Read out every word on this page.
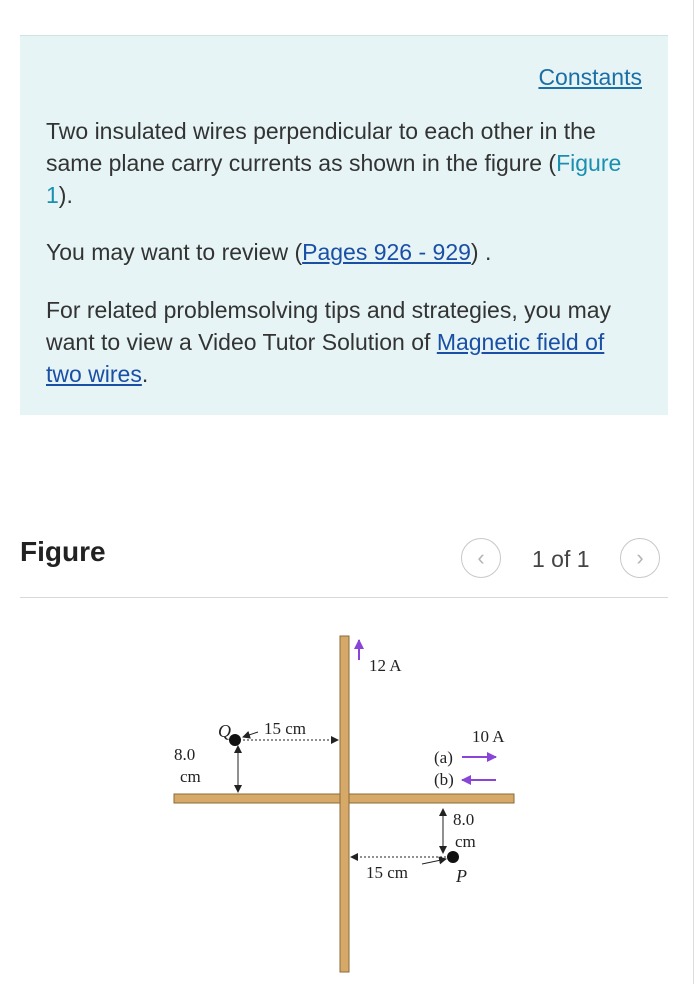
Constants

Two insulated wires perpendicular to each other in the same plane carry currents as shown in the figure (Figure 1).

You may want to review (Pages 926 - 929) .

For related problemsolving tips and strategies, you may want to view a Video Tutor Solution of Magnetic field of two wires.

Figure	‹ 1 of 1 ›
12 A
Q 15 cm
8.0
cm
10 A
(a)
(b)
P
8.0
cm
15 cm
